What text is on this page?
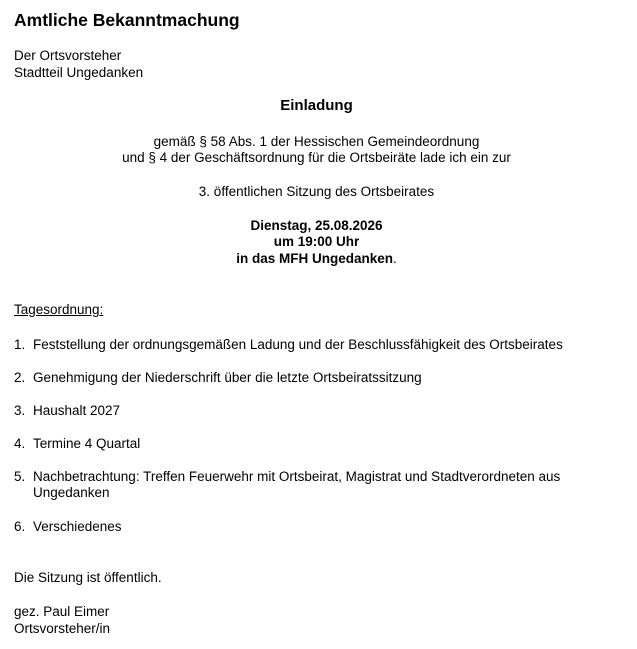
Amtliche Bekanntmachung
Der Ortsvorsteher
Stadtteil Ungedanken
Einladung
gemäß § 58 Abs. 1 der Hessischen Gemeindeordnung
und § 4 der Geschäftsordnung für die Ortsbeiräte lade ich ein zur
3. öffentlichen Sitzung des Ortsbeirates
Dienstag, 25.08.2026
um 19:00 Uhr
in das MFH Ungedanken.
Tagesordnung:
1. Feststellung der ordnungsgemäßen Ladung und der Beschlussfähigkeit des Ortsbeirates
2. Genehmigung der Niederschrift über die letzte Ortsbeiratssitzung
3. Haushalt 2027
4. Termine 4 Quartal
5. Nachbetrachtung: Treffen Feuerwehr mit Ortsbeirat, Magistrat und Stadtverordneten aus Ungedanken
6. Verschiedenes
Die Sitzung ist öffentlich.
gez. Paul Eimer
Ortsvorsteher/in
